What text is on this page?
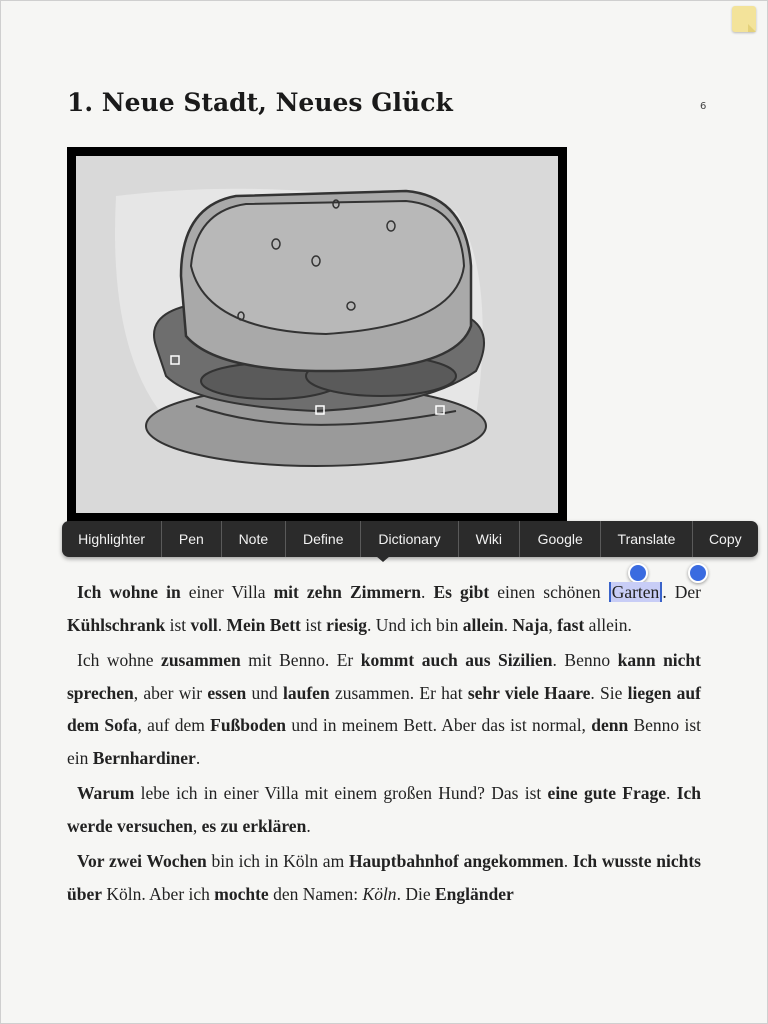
1. Neue Stadt, Neues Glück	6
Highlighter	Pen	Note	Define	Dictionary	Wiki	Google	Translate	Copy

Ich wohne in einer Villa mit zehn Zimmern. Es gibt einen schönen Garten . Der Kühlschrank ist voll. Mein Bett ist riesig. Und ich bin allein. Naja, fast allein.

Ich wohne zusammen mit Benno. Er kommt auch aus Sizilien. Benno kann nicht sprechen, aber wir essen und laufen zusammen. Er hat sehr viele Haare. Sie liegen auf dem Sofa, auf dem Fußboden und in meinem Bett. Aber das ist normal, denn Benno ist ein Bernhardiner.

Warum lebe ich in einer Villa mit einem großen Hund? Das ist eine gute Frage. Ich werde versuchen, es zu erklären.

Vor zwei Wochen bin ich in Köln am Hauptbahnhof angekommen. Ich wusste nichts über Köln. Aber ich mochte den Namen: Köln. Die Engländer
